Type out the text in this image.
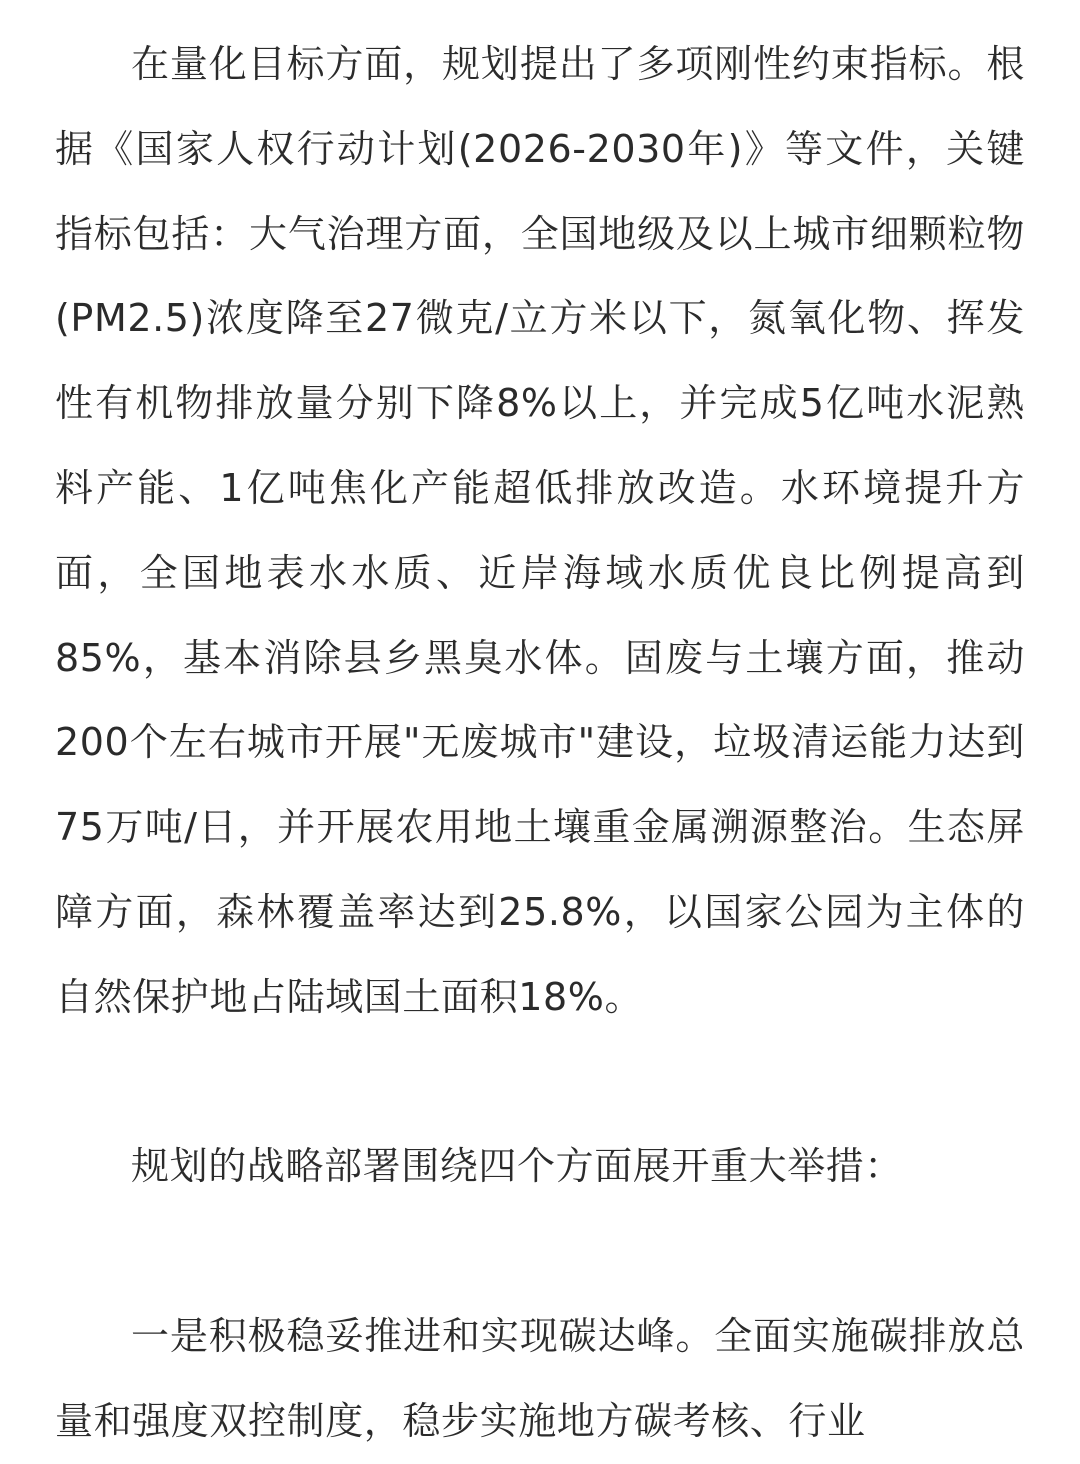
在量化目标方面，规划提出了多项刚性约束指标。根据《国家人权行动计划(2026-2030年)》等文件，关键指标包括：大气治理方面，全国地级及以上城市细颗粒物(PM2.5)浓度降至27微克/立方米以下，氮氧化物、挥发性有机物排放量分别下降8%以上，并完成5亿吨水泥熟料产能、1亿吨焦化产能超低排放改造。水环境提升方面，全国地表水水质、近岸海域水质优良比例提高到85%，基本消除县乡黑臭水体。固废与土壤方面，推动200个左右城市开展"无废城市"建设，垃圾清运能力达到75万吨/日，并开展农用地土壤重金属溯源整治。生态屏障方面，森林覆盖率达到25.8%，以国家公园为主体的自然保护地占陆域国土面积18%。

规划的战略部署围绕四个方面展开重大举措：

一是积极稳妥推进和实现碳达峰。全面实施碳排放总量和强度双控制度，稳步实施地方碳考核、行业
